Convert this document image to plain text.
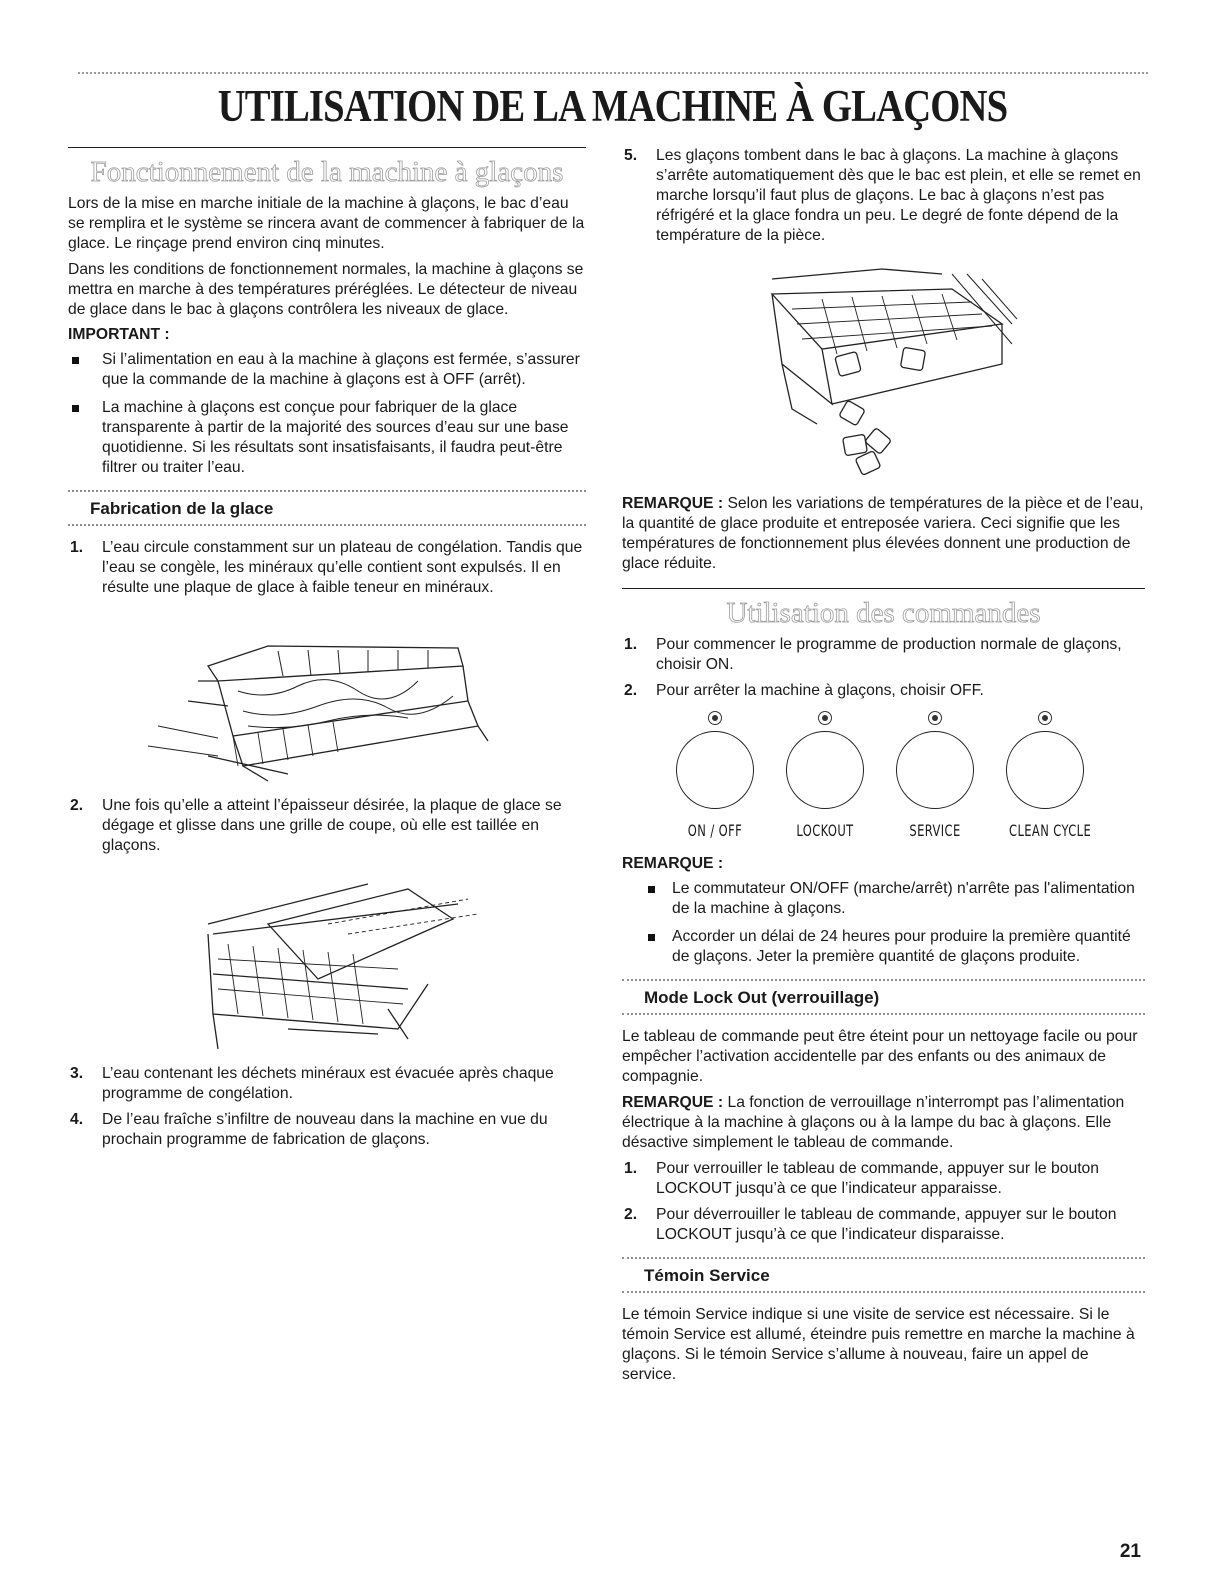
UTILISATION DE LA MACHINE À GLAÇONS
Fonctionnement de la machine à glaçons

Lors de la mise en marche initiale de la machine à glaçons, le bac d’eau se remplira et le système se rincera avant de commencer à fabriquer de la glace. Le rinçage prend environ cinq minutes.

Dans les conditions de fonctionnement normales, la machine à glaçons se mettra en marche à des températures préréglées. Le détecteur de niveau de glace dans le bac à glaçons contrôlera les niveaux de glace.

IMPORTANT :
Si l’alimentation en eau à la machine à glaçons est fermée, s’assurer que la commande de la machine à glaçons est à OFF (arrêt).
La machine à glaçons est conçue pour fabriquer de la glace transparente à partir de la majorité des sources d’eau sur une base quotidienne. Si les résultats sont insatisfaisants, il faudra peut-être filtrer ou traiter l’eau.
Fabrication de la glace
1. L’eau circule constamment sur un plateau de congélation. Tandis que l’eau se congèle, les minéraux qu’elle contient sont expulsés. Il en résulte une plaque de glace à faible teneur en minéraux.
2. Une fois qu’elle a atteint l’épaisseur désirée, la plaque de glace se dégage et glisse dans une grille de coupe, où elle est taillée en glaçons.
3. L’eau contenant les déchets minéraux est évacuée après chaque programme de congélation.
4. De l’eau fraîche s’infiltre de nouveau dans la machine en vue du prochain programme de fabrication de glaçons.
5. Les glaçons tombent dans le bac à glaçons. La machine à glaçons s’arrête automatiquement dès que le bac est plein, et elle se remet en marche lorsqu’il faut plus de glaçons. Le bac à glaçons n’est pas réfrigéré et la glace fondra un peu. Le degré de fonte dépend de la température de la pièce.

REMARQUE : Selon les variations de températures de la pièce et de l’eau, la quantité de glace produite et entreposée variera. Ceci signifie que les températures de fonctionnement plus élevées donnent une production de glace réduite.

Utilisation des commandes
1. Pour commencer le programme de production normale de glaçons, choisir ON.
2. Pour arrêter la machine à glaçons, choisir OFF.
ON / OFF	LOCKOUT	SERVICE	CLEAN CYCLE
REMARQUE :
Le commutateur ON/OFF (marche/arrêt) n'arrête pas l'alimentation de la machine à glaçons.
Accorder un délai de 24 heures pour produire la première quantité de glaçons. Jeter la première quantité de glaçons produite.
Mode Lock Out (verrouillage)

Le tableau de commande peut être éteint pour un nettoyage facile ou pour empêcher l’activation accidentelle par des enfants ou des animaux de compagnie.

REMARQUE : La fonction de verrouillage n’interrompt pas l’alimentation électrique à la machine à glaçons ou à la lampe du bac à glaçons. Elle désactive simplement le tableau de commande.

1. Pour verrouiller le tableau de commande, appuyer sur le bouton LOCKOUT jusqu’à ce que l’indicateur apparaisse.
2. Pour déverrouiller le tableau de commande, appuyer sur le bouton LOCKOUT jusqu’à ce que l’indicateur disparaisse.
Témoin Service

Le témoin Service indique si une visite de service est nécessaire. Si le témoin Service est allumé, éteindre puis remettre en marche la machine à glaçons. Si le témoin Service s’allume à nouveau, faire un appel de service.

21
